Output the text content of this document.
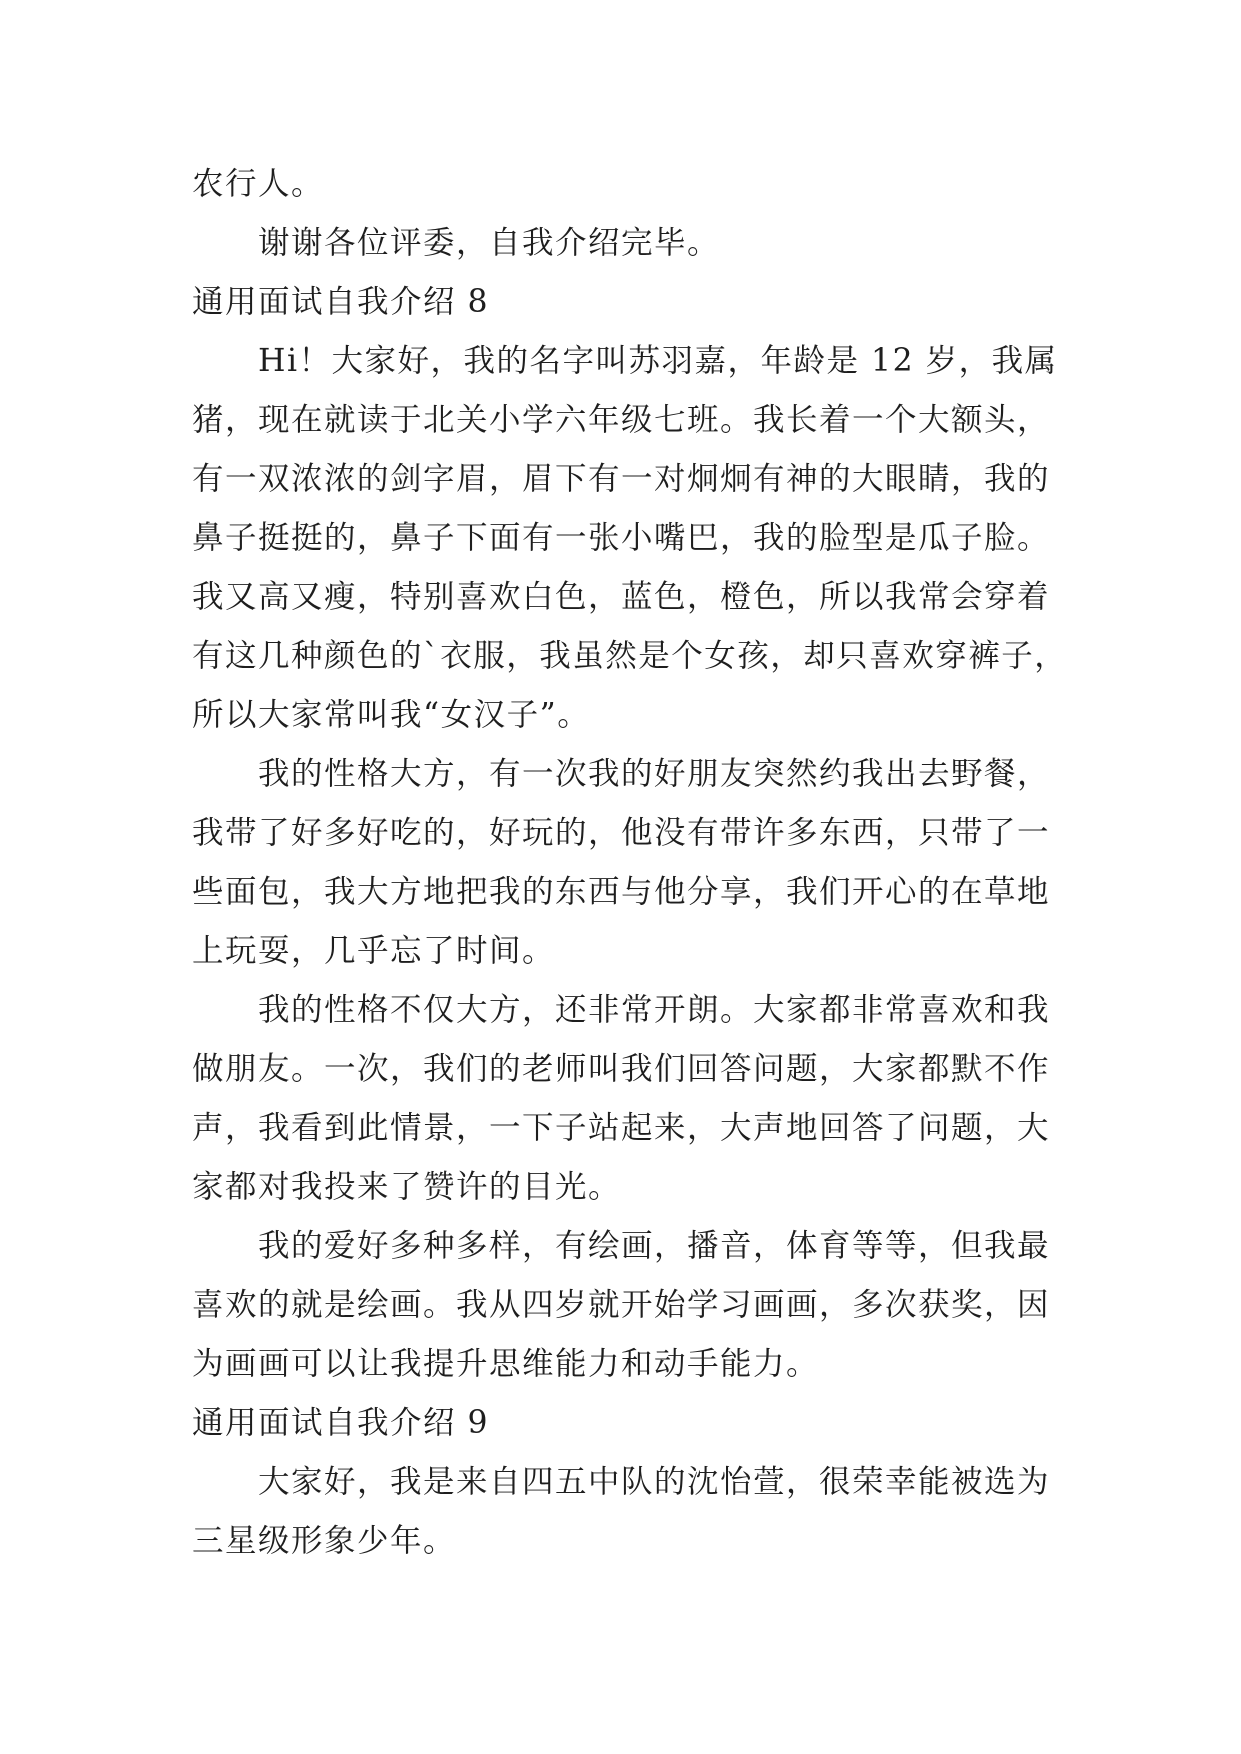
农行人。

谢谢各位评委，自我介绍完毕。

通用面试自我介绍 8

Hi！大家好，我的名字叫苏羽嘉，年龄是 12 岁，我属猪，现在就读于北关小学六年级七班。我长着一个大额头，有一双浓浓的剑字眉，眉下有一对炯炯有神的大眼睛，我的鼻子挺挺的，鼻子下面有一张小嘴巴，我的脸型是瓜子脸。我又高又瘦，特别喜欢白色，蓝色，橙色，所以我常会穿着有这几种颜色的`衣服，我虽然是个女孩，却只喜欢穿裤子，所以大家常叫我“女汉子”。

我的性格大方，有一次我的好朋友突然约我出去野餐，我带了好多好吃的，好玩的，他没有带许多东西，只带了一些面包，我大方地把我的东西与他分享，我们开心的在草地上玩耍，几乎忘了时间。

我的性格不仅大方，还非常开朗。大家都非常喜欢和我做朋友。一次，我们的老师叫我们回答问题，大家都默不作声，我看到此情景，一下子站起来，大声地回答了问题，大家都对我投来了赞许的目光。

我的爱好多种多样，有绘画，播音，体育等等，但我最喜欢的就是绘画。我从四岁就开始学习画画，多次获奖，因为画画可以让我提升思维能力和动手能力。

通用面试自我介绍 9

大家好，我是来自四五中队的沈怡萱，很荣幸能被选为三星级形象少年。
